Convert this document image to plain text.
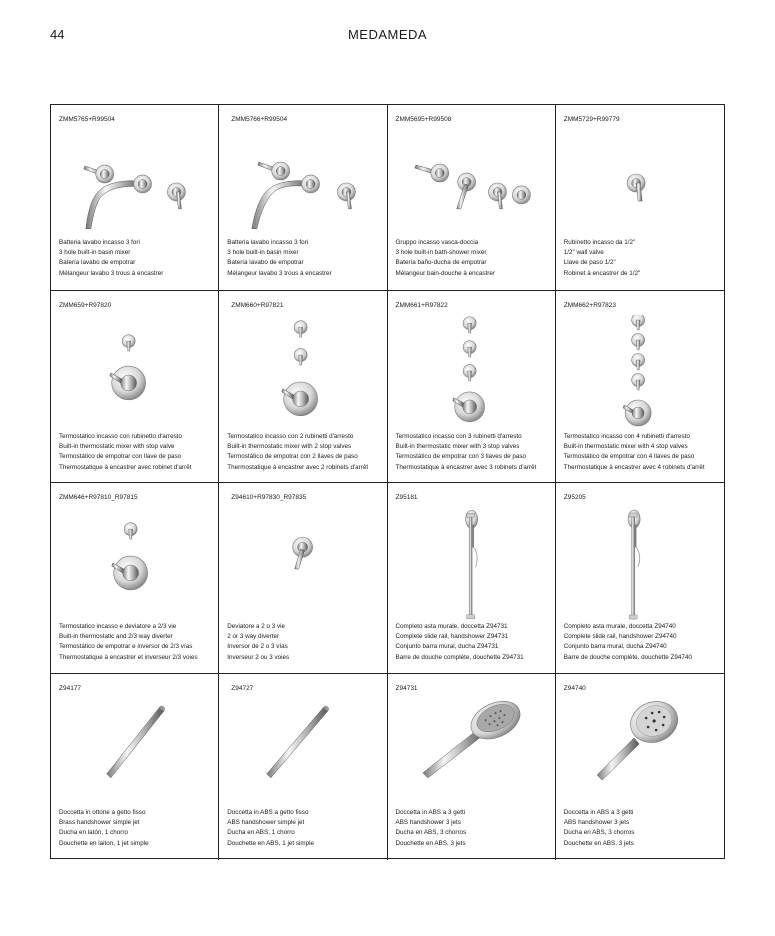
44	MEDAMEDA
ZMM5765+R99504
Batteria lavabo incasso 3 fori
3 hole built-in basin mixer
Batería lavabo de empotrar
Mélangeur lavabo 3 trous à encastrer
ZMM5766+R99504
Batteria lavabo incasso 3 fori
3 hole built-in basin mixer
Batería lavabo de empotrar
Mélangeur lavabo 3 trous à encastrer
ZMM5695+R99508
Gruppo incasso vasca-doccia
3 hole built-in bath-shower mixer
Batería baño-ducha de empotrar
Mélangeur bain-douche à encastrer
ZMM5729+R99779
Rubinetto incasso da 1/2"
1/2" wall valve
Llave de paso 1/2"
Robinet à encastrer de 1/2"
ZMM659+R97820
Termostatico incasso con rubinetto d'arresto
Built-in thermostatic mixer with stop valve
Termostático de empotrar con llave de paso
Thermostatique à encastrer avec robinet d'arrêt
ZMM660+R97821
Termostatico incasso con 2 rubinetti d'arresto
Built-in thermostatic mixer with 2 stop valves
Termostático de empotrar con 2 llaves de paso
Thermostatique à encastrer avec 2 robinets d'arrêt
ZMM661+R97822
Termostatico incasso con 3 rubinetti d'arresto
Built-in thermostatic mixer with 3 stop valves
Termostático de empotrar con 3 llaves de paso
Thermostatique à encastrer avec 3 robinets d'arrêt
ZMM662+R97823
Termostatico incasso con 4 rubinetti d'arresto
Built-in thermostatic mixer with 4 stop valves
Termostático de empotrar con 4 llaves de paso
Thermostatique à encastrer avec 4 robinets d'arrêt
ZMM646+R97810_R97815
Termostatico incasso e deviatore a 2/3 vie
Built-in thermostatic and 2/3 way diverter
Termostático de empotrar e inversor de 2/3 vías
Thermostatique à encastrer et inverseur 2/3 voies
Z94610+R97830_R97835
Deviatore a 2 o 3 vie
2 or 3 way diverter
Inversor de 2 o 3 vías
Inverseur 2 ou 3 voies
Z95181
Completo asta murale, doccetta Z94731
Complete slide rail, handshower Z94731
Conjunto barra mural, ducha Z94731
Barre de douche complète, douchette Z94731
Z95205
Completo asta murale, doccetta Z94740
Complete slide rail, handshower Z94740
Conjunto barra mural, ducha Z94740
Barre de douche complète, douchette Z94740
Z94177
Doccetta in ottone a getto fisso
Brass handshower simple jet
Ducha en latón, 1 chorro
Douchette en laiton, 1 jet simple
Z94727
Doccetta in ABS a getto fisso
ABS handshower simple jet
Ducha en ABS, 1 chorro
Douchette en ABS, 1 jet simple
Z94731
Doccetta in ABS a 3 getti
ABS handshower 3 jets
Ducha en ABS, 3 chorros
Douchette en ABS, 3 jets
Z94740
Doccetta in ABS a 3 getti
ABS handshower 3 jets
Ducha en ABS, 3 chorros
Douchette en ABS, 3 jets
